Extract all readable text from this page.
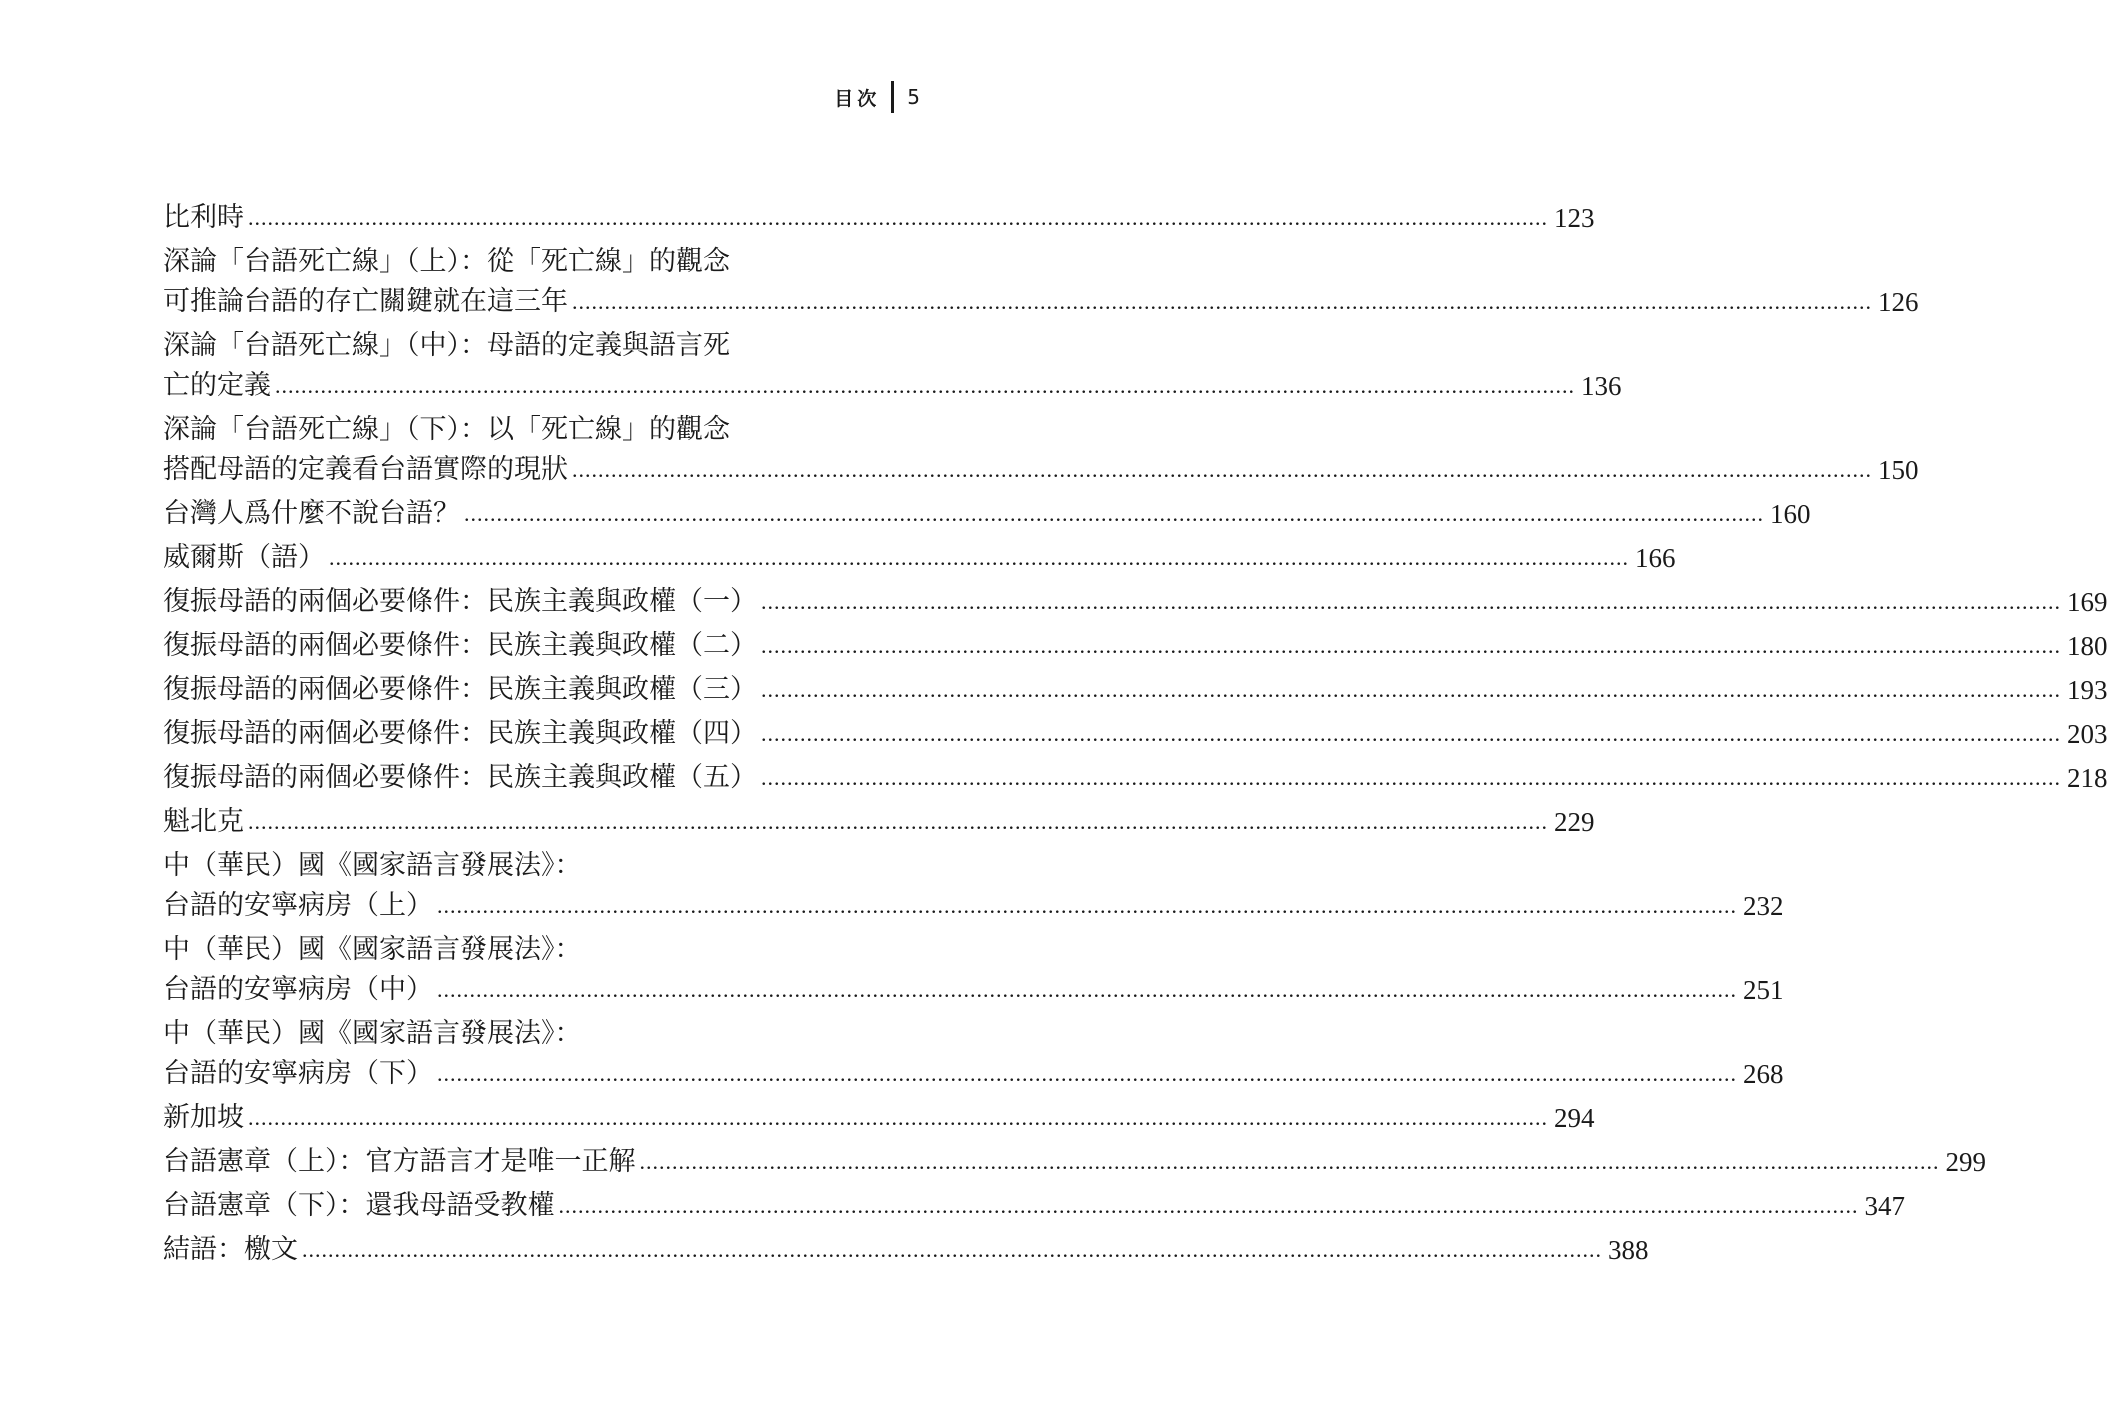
目次 5
比利時 ........................................................................................................................................................................................................ 123
深論「台語死亡線」（上）：從「死亡線」的觀念
可推論台語的存亡關鍵就在這三年 ........................................................................................................................................................................................................ 126
深論「台語死亡線」（中）：母語的定義與語言死
亡的定義 ........................................................................................................................................................................................................ 136
深論「台語死亡線」（下）：以「死亡線」的觀念
搭配母語的定義看台語實際的現狀 ........................................................................................................................................................................................................ 150
台灣人爲什麼不說台語？ ........................................................................................................................................................................................................ 160
威爾斯（語） ........................................................................................................................................................................................................ 166
復振母語的兩個必要條件：民族主義與政權（一） ........................................................................................................................................................................................................ 169
復振母語的兩個必要條件：民族主義與政權（二） ........................................................................................................................................................................................................ 180
復振母語的兩個必要條件：民族主義與政權（三） ........................................................................................................................................................................................................ 193
復振母語的兩個必要條件：民族主義與政權（四） ........................................................................................................................................................................................................ 203
復振母語的兩個必要條件：民族主義與政權（五） ........................................................................................................................................................................................................ 218
魁北克 ........................................................................................................................................................................................................ 229
中（華民）國《國家語言發展法》：
台語的安寧病房（上） ........................................................................................................................................................................................................ 232
中（華民）國《國家語言發展法》：
台語的安寧病房（中） ........................................................................................................................................................................................................ 251
中（華民）國《國家語言發展法》：
台語的安寧病房（下） ........................................................................................................................................................................................................ 268
新加坡 ........................................................................................................................................................................................................ 294
台語憲章（上）：官方語言才是唯一正解 ........................................................................................................................................................................................................ 299
台語憲章（下）：還我母語受教權 ........................................................................................................................................................................................................ 347
結語：檄文 ........................................................................................................................................................................................................ 388
